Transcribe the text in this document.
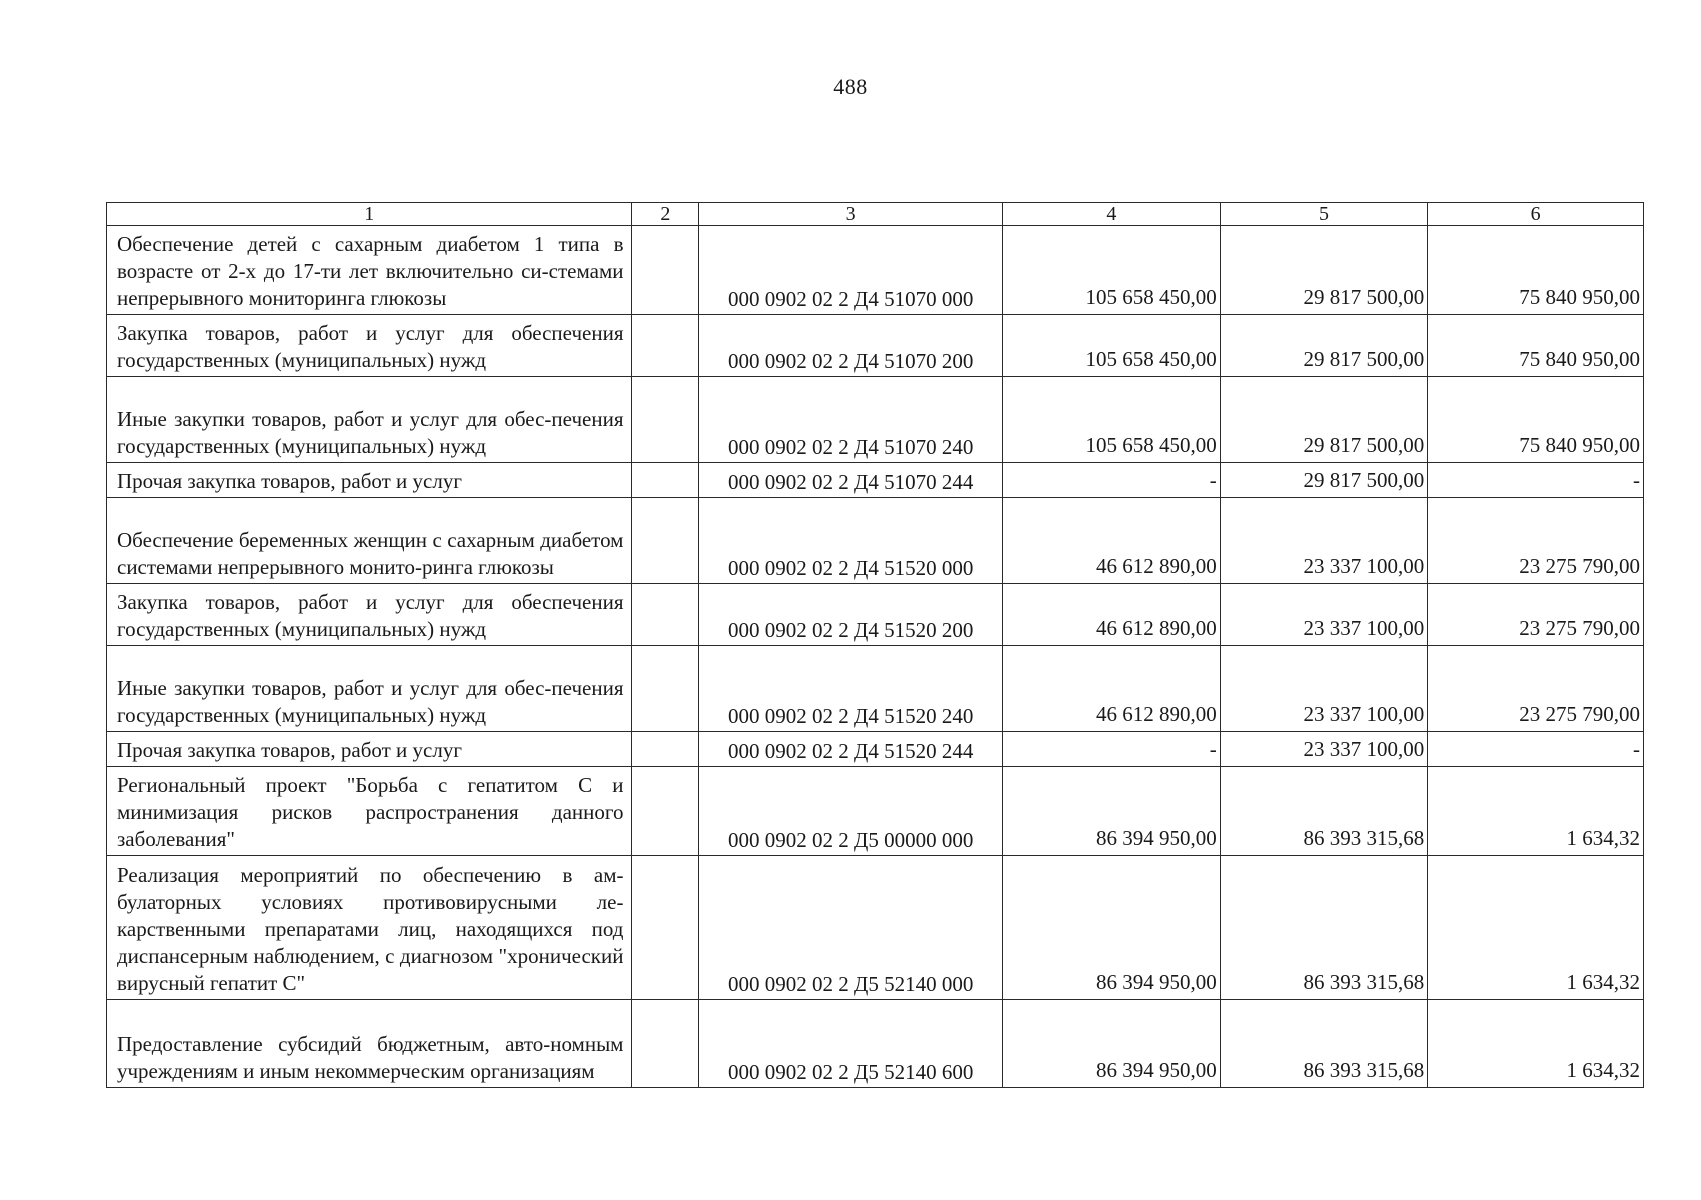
488
1	2	3	4	5	6
Обеспечение детей с сахарным диабетом 1 типа в возрасте от 2-х до 17-ти лет включительно си-стемами непрерывного мониторинга глюкозы		000 0902 02 2 Д4 51070 000	105 658 450,00	29 817 500,00	75 840 950,00
Закупка товаров, работ и услуг для обеспечения государственных (муниципальных) нужд		000 0902 02 2 Д4 51070 200	105 658 450,00	29 817 500,00	75 840 950,00
Иные закупки товаров, работ и услуг для обес-печения государственных (муниципальных) нужд		000 0902 02 2 Д4 51070 240	105 658 450,00	29 817 500,00	75 840 950,00
Прочая закупка товаров, работ и услуг		000 0902 02 2 Д4 51070 244	-	29 817 500,00	-
Обеспечение беременных женщин с сахарным диабетом системами непрерывного монито-ринга глюкозы		000 0902 02 2 Д4 51520 000	46 612 890,00	23 337 100,00	23 275 790,00
Закупка товаров, работ и услуг для обеспечения государственных (муниципальных) нужд		000 0902 02 2 Д4 51520 200	46 612 890,00	23 337 100,00	23 275 790,00
Иные закупки товаров, работ и услуг для обес-печения государственных (муниципальных) нужд		000 0902 02 2 Д4 51520 240	46 612 890,00	23 337 100,00	23 275 790,00
Прочая закупка товаров, работ и услуг		000 0902 02 2 Д4 51520 244	-	23 337 100,00	-
Региональный проект "Борьба с гепатитом С и минимизация рисков распространения данного заболевания"		000 0902 02 2 Д5 00000 000	86 394 950,00	86 393 315,68	1 634,32
Реализация мероприятий по обеспечению в ам-булаторных условиях противовирусными ле-карственными препаратами лиц, находящихся под диспансерным наблюдением, с диагнозом "хронический вирусный гепатит С"		000 0902 02 2 Д5 52140 000	86 394 950,00	86 393 315,68	1 634,32
Предоставление субсидий бюджетным, авто-номным учреждениям и иным некоммерческим организациям		000 0902 02 2 Д5 52140 600	86 394 950,00	86 393 315,68	1 634,32
